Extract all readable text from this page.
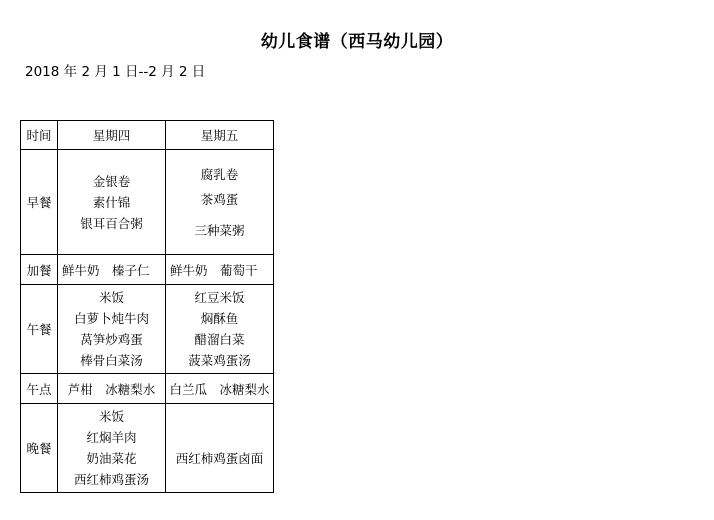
幼儿食谱（西马幼儿园）
2018 年 2 月 1 日--2 月 2 日
时间	星期四	星期五
早餐	金银卷
素什锦
银耳百合粥	腐乳卷
茶鸡蛋
三种菜粥

加餐	鲜牛奶　榛子仁	鲜牛奶　葡萄干
午餐	米饭
白萝卜炖牛肉
莴笋炒鸡蛋
棒骨白菜汤	红豆米饭
焖酥鱼
醋溜白菜
菠菜鸡蛋汤

午点	芦柑　冰糖梨水	白兰瓜　冰糖梨水
晚餐	米饭
红焖羊肉
奶油菜花
西红柿鸡蛋汤	西红柿鸡蛋卤面
